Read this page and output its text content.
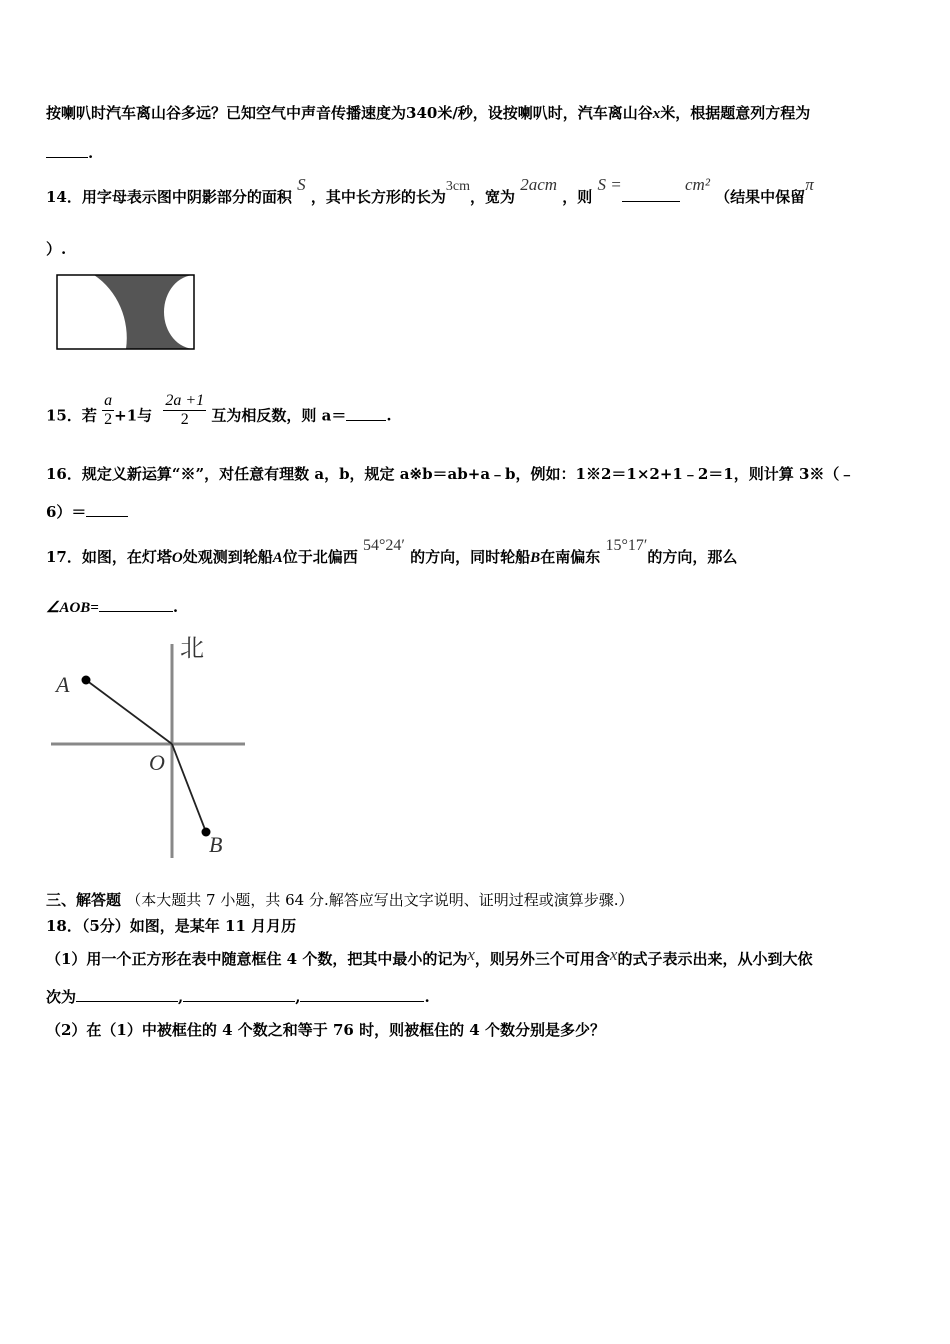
按喇叭时汽车离山谷多远？已知空气中声音传播速度为340米/秒，设按喇叭时，汽车离山谷x米，根据题意列方程为
.
14．用字母表示图中阴影部分的面积 S ，其中长方形的长为3cm，宽为 2acm ，则 S =	cm² （结果中保留π
）.
15．若 $\frac{a}{2} +1$与 $\frac{2a +1}{2}$ 互为相反数，则 a＝	.
16．规定义新运算“※”，对任意有理数 a，b，规定 a※b＝ab+a﹣b，例如：1※2＝1×2+1﹣2＝1，则计算 3※（﹣
6）＝
17．如图，在灯塔O处观测到轮船A位于北偏西 54°24′ 的方向，同时轮船B在南偏东 15°17′的方向，那么
∠AOB=	.
北
A
O
B
三、解答题 （本大题共 7 小题，共 64 分.解答应写出文字说明、证明过程或演算步骤.）
18．（5分）如图，是某年 11 月月历
（1）用一个正方形在表中随意框住 4 个数，把其中最小的记为x，则另外三个可用含x的式子表示出来，从小到大依
次为	,	,	.
（2）在（1）中被框住的 4 个数之和等于 76 时，则被框住的 4 个数分别是多少？
